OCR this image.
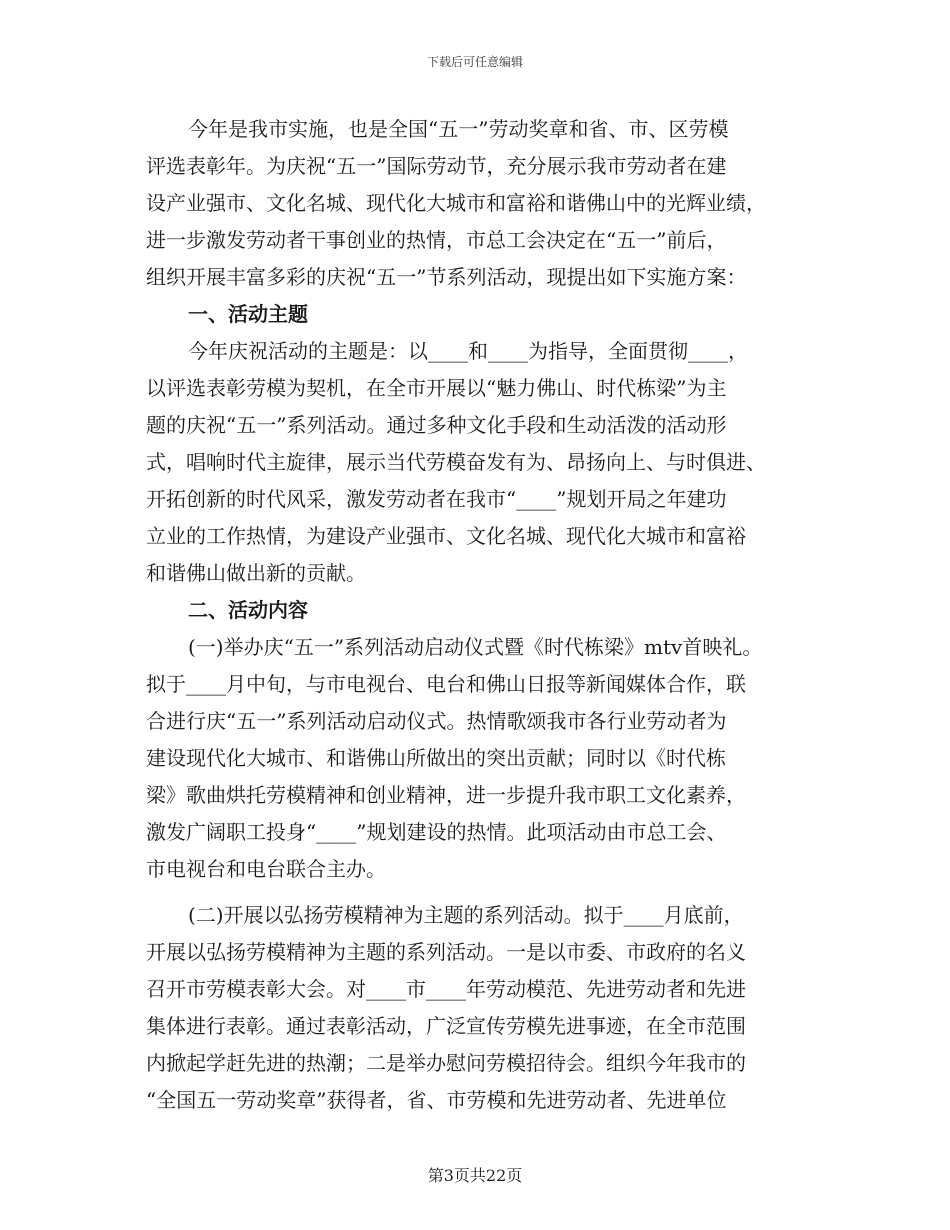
下载后可任意编辑
今年是我市实施，也是全国“五一”劳动奖章和省、市、区劳模
评选表彰年。为庆祝“五一”国际劳动节，充分展示我市劳动者在建
设产业强市、文化名城、现代化大城市和富裕和谐佛山中的光辉业绩，
进一步激发劳动者干事创业的热情，市总工会决定在“五一”前后，
组织开展丰富多彩的庆祝“五一”节系列活动，现提出如下实施方案：
一、活动主题
今年庆祝活动的主题是：以____和____为指导，全面贯彻____，
以评选表彰劳模为契机，在全市开展以“魅力佛山、时代栋梁”为主
题的庆祝“五一”系列活动。通过多种文化手段和生动活泼的活动形
式，唱响时代主旋律，展示当代劳模奋发有为、昂扬向上、与时俱进、
开拓创新的时代风采，激发劳动者在我市“____”规划开局之年建功
立业的工作热情，为建设产业强市、文化名城、现代化大城市和富裕
和谐佛山做出新的贡献。
二、活动内容
(一)举办庆“五一”系列活动启动仪式暨《时代栋梁》mtv首映礼。
拟于____月中旬，与市电视台、电台和佛山日报等新闻媒体合作，联
合进行庆“五一”系列活动启动仪式。热情歌颂我市各行业劳动者为
建设现代化大城市、和谐佛山所做出的突出贡献；同时以《时代栋
梁》歌曲烘托劳模精神和创业精神，进一步提升我市职工文化素养，
激发广阔职工投身“____”规划建设的热情。此项活动由市总工会、
市电视台和电台联合主办。
(二)开展以弘扬劳模精神为主题的系列活动。拟于____月底前，
开展以弘扬劳模精神为主题的系列活动。一是以市委、市政府的名义
召开市劳模表彰大会。对____市____年劳动模范、先进劳动者和先进
集体进行表彰。通过表彰活动，广泛宣传劳模先进事迹，在全市范围
内掀起学赶先进的热潮；二是举办慰问劳模招待会。组织今年我市的
“全国五一劳动奖章”获得者，省、市劳模和先进劳动者、先进单位
第3页共22页
